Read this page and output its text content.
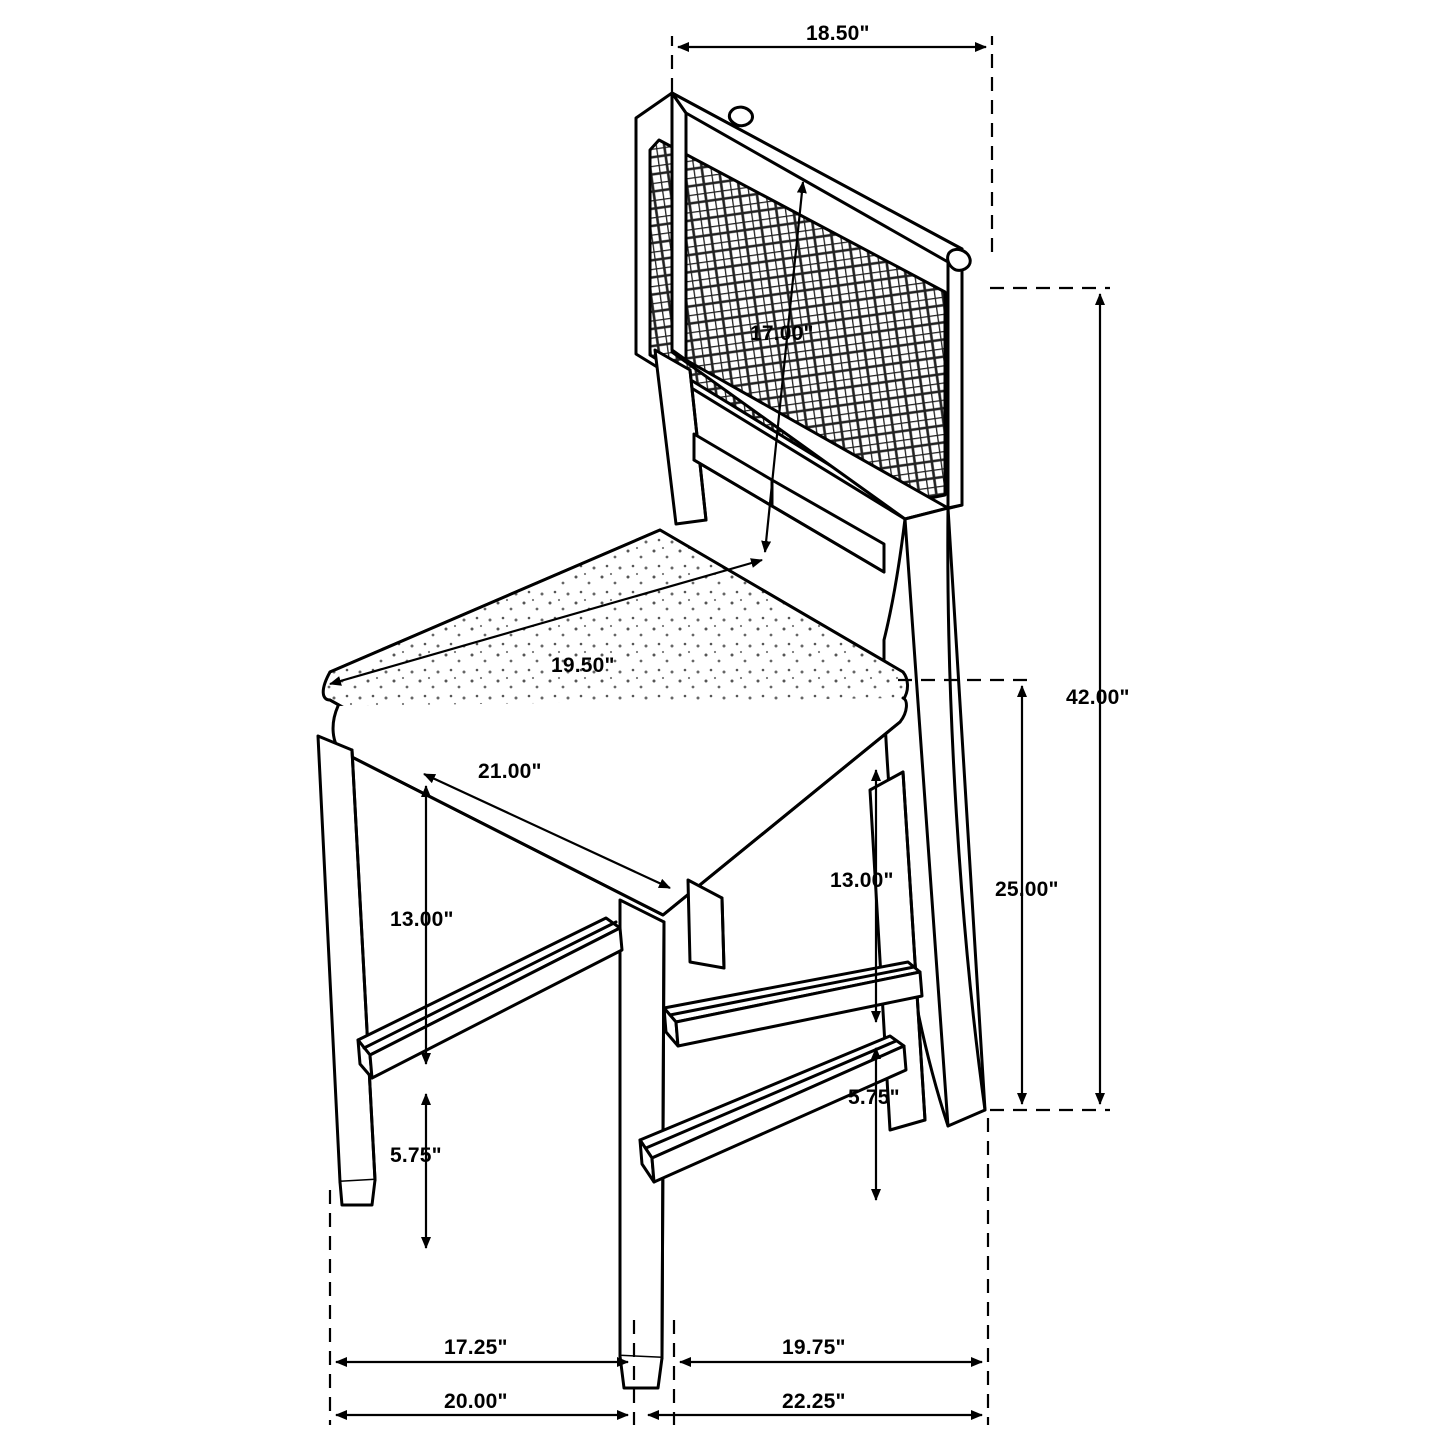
18.50"
17.00"
19.50"
21.00"
42.00"
25.00"
13.00"
13.00"
5.75"
5.75"
17.25"	19.75"
20.00"	22.25"
